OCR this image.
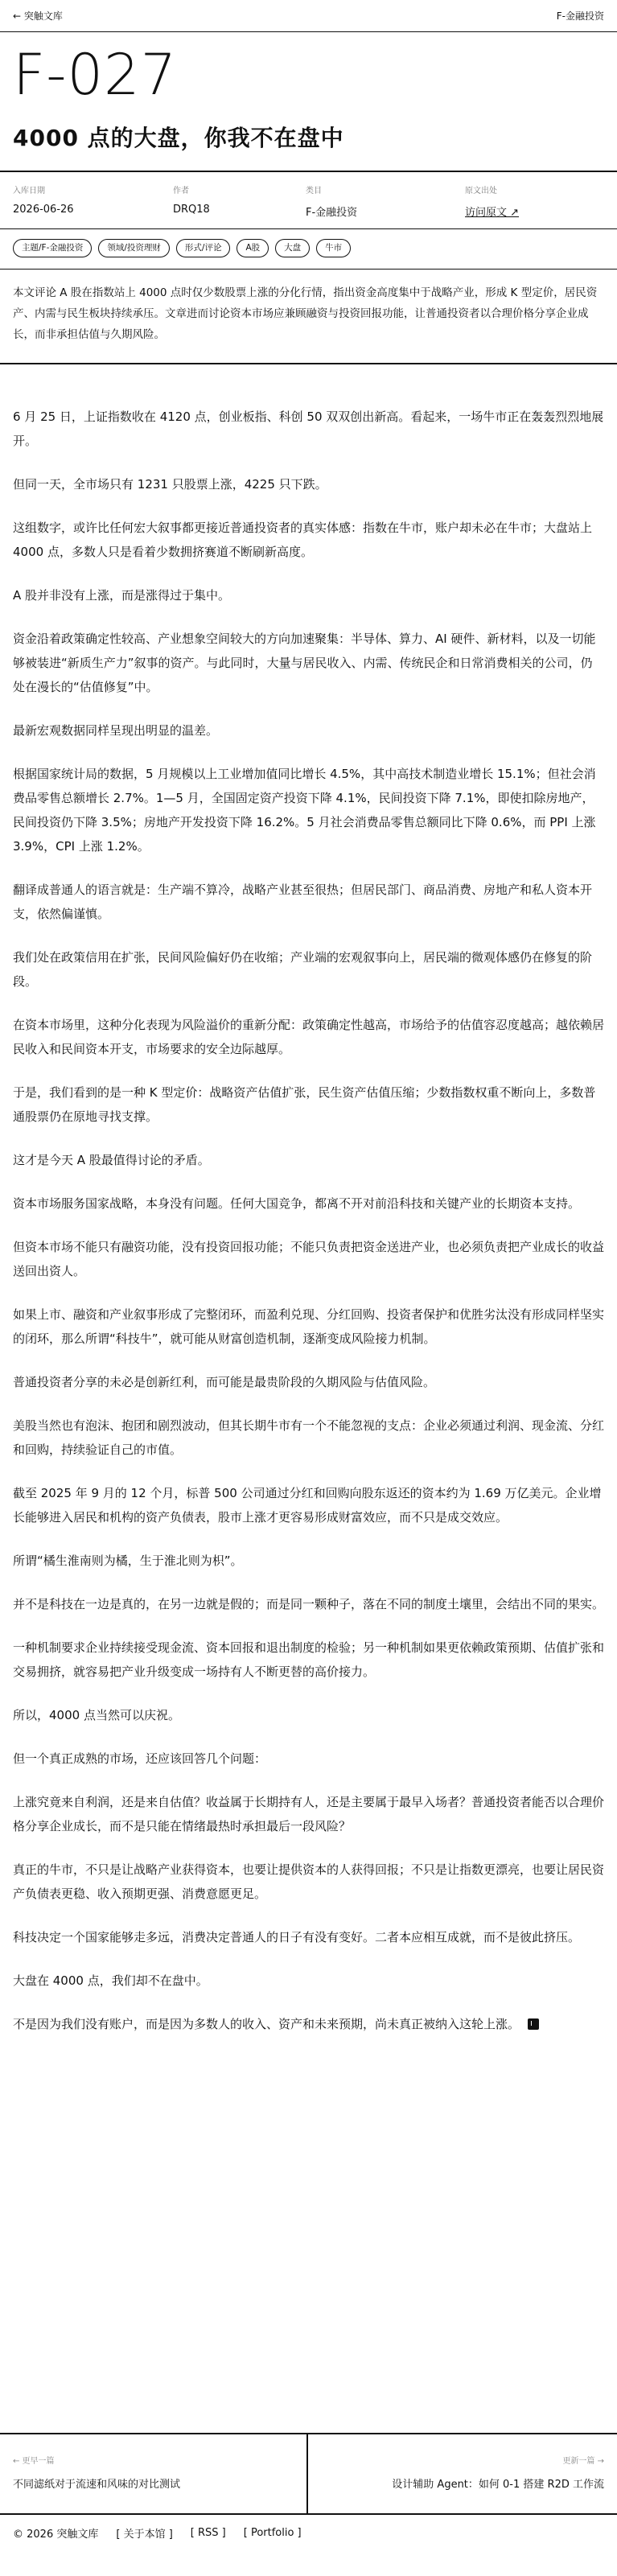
← 突触文库	F-金融投资
F-027
4000 点的大盘，你我不在盘中
入库日期
2026-06-26
作者
DRQ18
类目
F-金融投资
原文出处
访问原文 ↗
主题/F-金融投资	领域/投资理财	形式/评论	A股	大盘	牛市
本文评论 A 股在指数站上 4000 点时仅少数股票上涨的分化行情，指出资金高度集中于战略产业，形成 K 型定价，居民资产、内需与民生板块持续承压。文章进而讨论资本市场应兼顾融资与投资回报功能，让普通投资者以合理价格分享企业成长，而非承担估值与久期风险。

6 月 25 日，上证指数收在 4120 点，创业板指、科创 50 双双创出新高。看起来，一场牛市正在轰轰烈烈地展开。

但同一天，全市场只有 1231 只股票上涨，4225 只下跌。

这组数字，或许比任何宏大叙事都更接近普通投资者的真实体感：指数在牛市，账户却未必在牛市；大盘站上 4000 点，多数人只是看着少数拥挤赛道不断刷新高度。

A 股并非没有上涨，而是涨得过于集中。

资金沿着政策确定性较高、产业想象空间较大的方向加速聚集：半导体、算力、AI 硬件、新材料，以及一切能够被装进“新质生产力”叙事的资产。与此同时，大量与居民收入、内需、传统民企和日常消费相关的公司，仍处在漫长的“估值修复”中。

最新宏观数据同样呈现出明显的温差。

根据国家统计局的数据，5 月规模以上工业增加值同比增长 4.5%，其中高技术制造业增长 15.1%；但社会消费品零售总额增长 2.7%。1—5 月，全国固定资产投资下降 4.1%，民间投资下降 7.1%，即使扣除房地产，民间投资仍下降 3.5%；房地产开发投资下降 16.2%。5 月社会消费品零售总额同比下降 0.6%，而 PPI 上涨 3.9%，CPI 上涨 1.2%。

翻译成普通人的语言就是：生产端不算冷，战略产业甚至很热；但居民部门、商品消费、房地产和私人资本开支，依然偏谨慎。

我们处在政策信用在扩张，民间风险偏好仍在收缩；产业端的宏观叙事向上，居民端的微观体感仍在修复的阶段。

在资本市场里，这种分化表现为风险溢价的重新分配：政策确定性越高，市场给予的估值容忍度越高；越依赖居民收入和民间资本开支，市场要求的安全边际越厚。

于是，我们看到的是一种 K 型定价：战略资产估值扩张，民生资产估值压缩；少数指数权重不断向上，多数普通股票仍在原地寻找支撑。

这才是今天 A 股最值得讨论的矛盾。

资本市场服务国家战略，本身没有问题。任何大国竞争，都离不开对前沿科技和关键产业的长期资本支持。

但资本市场不能只有融资功能，没有投资回报功能；不能只负责把资金送进产业，也必须负责把产业成长的收益送回出资人。

如果上市、融资和产业叙事形成了完整闭环，而盈利兑现、分红回购、投资者保护和优胜劣汰没有形成同样坚实的闭环，那么所谓“科技牛”，就可能从财富创造机制，逐渐变成风险接力机制。

普通投资者分享的未必是创新红利，而可能是最贵阶段的久期风险与估值风险。

美股当然也有泡沫、抱团和剧烈波动，但其长期牛市有一个不能忽视的支点：企业必须通过利润、现金流、分红和回购，持续验证自己的市值。

截至 2025 年 9 月的 12 个月，标普 500 公司通过分红和回购向股东返还的资本约为 1.69 万亿美元。企业增长能够进入居民和机构的资产负债表，股市上涨才更容易形成财富效应，而不只是成交效应。

所谓“橘生淮南则为橘，生于淮北则为枳”。

并不是科技在一边是真的，在另一边就是假的；而是同一颗种子，落在不同的制度土壤里，会结出不同的果实。

一种机制要求企业持续接受现金流、资本回报和退出制度的检验；另一种机制如果更依赖政策预期、估值扩张和交易拥挤，就容易把产业升级变成一场持有人不断更替的高价接力。

所以，4000 点当然可以庆祝。

但一个真正成熟的市场，还应该回答几个问题：

上涨究竟来自利润，还是来自估值？收益属于长期持有人，还是主要属于最早入场者？普通投资者能否以合理价格分享企业成长，而不是只能在情绪最热时承担最后一段风险？

真正的牛市，不只是让战略产业获得资本，也要让提供资本的人获得回报；不只是让指数更漂亮，也要让居民资产负债表更稳、收入预期更强、消费意愿更足。

科技决定一个国家能够走多远，消费决定普通人的日子有没有变好。二者本应相互成就，而不是彼此挤压。

大盘在 4000 点，我们却不在盘中。

不是因为我们没有账户，而是因为多数人的收入、资产和未来预期，尚未真正被纳入这轮上涨。

← 更早一篇
不同滤纸对于流速和风味的对比测试
更新一篇 →
设计辅助 Agent：如何 0-1 搭建 R2D 工作流
© 2026 突触文库 [ 关于本馆 ] [ RSS ] [ Portfolio ]
